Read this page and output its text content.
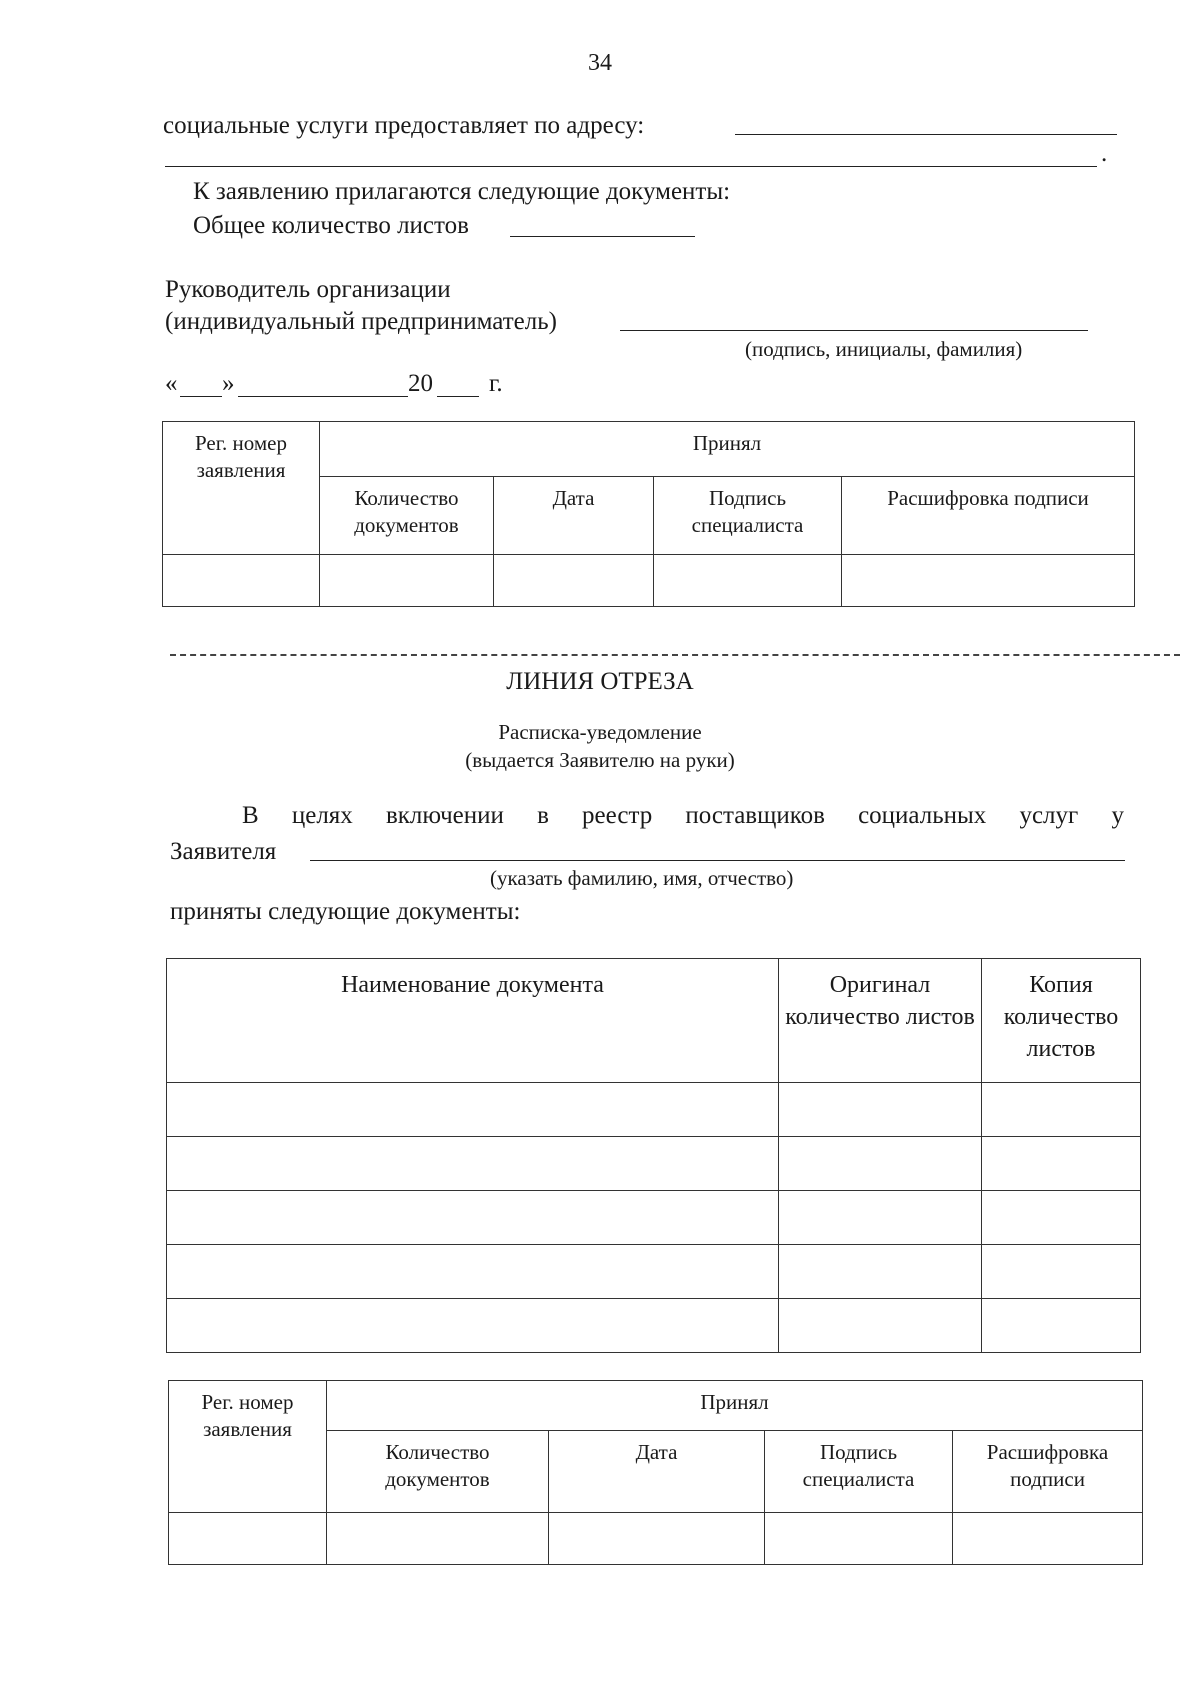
34
социальные услуги предоставляет по адресу:
.
К заявлению прилагаются следующие документы:
Общее количество листов
Руководитель организации
(индивидуальный предприниматель)
(подпись, инициалы, фамилия)
« »	20 г.
Рег. номер заявления	Принял			
	Количество документов	Дата	Подпись специалиста	Расшифровка подписи

ЛИНИЯ ОТРЕЗА
Расписка-уведомление
(выдается Заявителю на руки)
В целях включении в реестр поставщиков социальных услуг у
Заявителя
(указать фамилию, имя, отчество)
приняты следующие документы:
Наименование документа	Оригинал количество листов	Копия количество листов

Рег. номер заявления	Принял			
	Количество документов	Дата	Подпись специалиста	Расшифровка подписи
